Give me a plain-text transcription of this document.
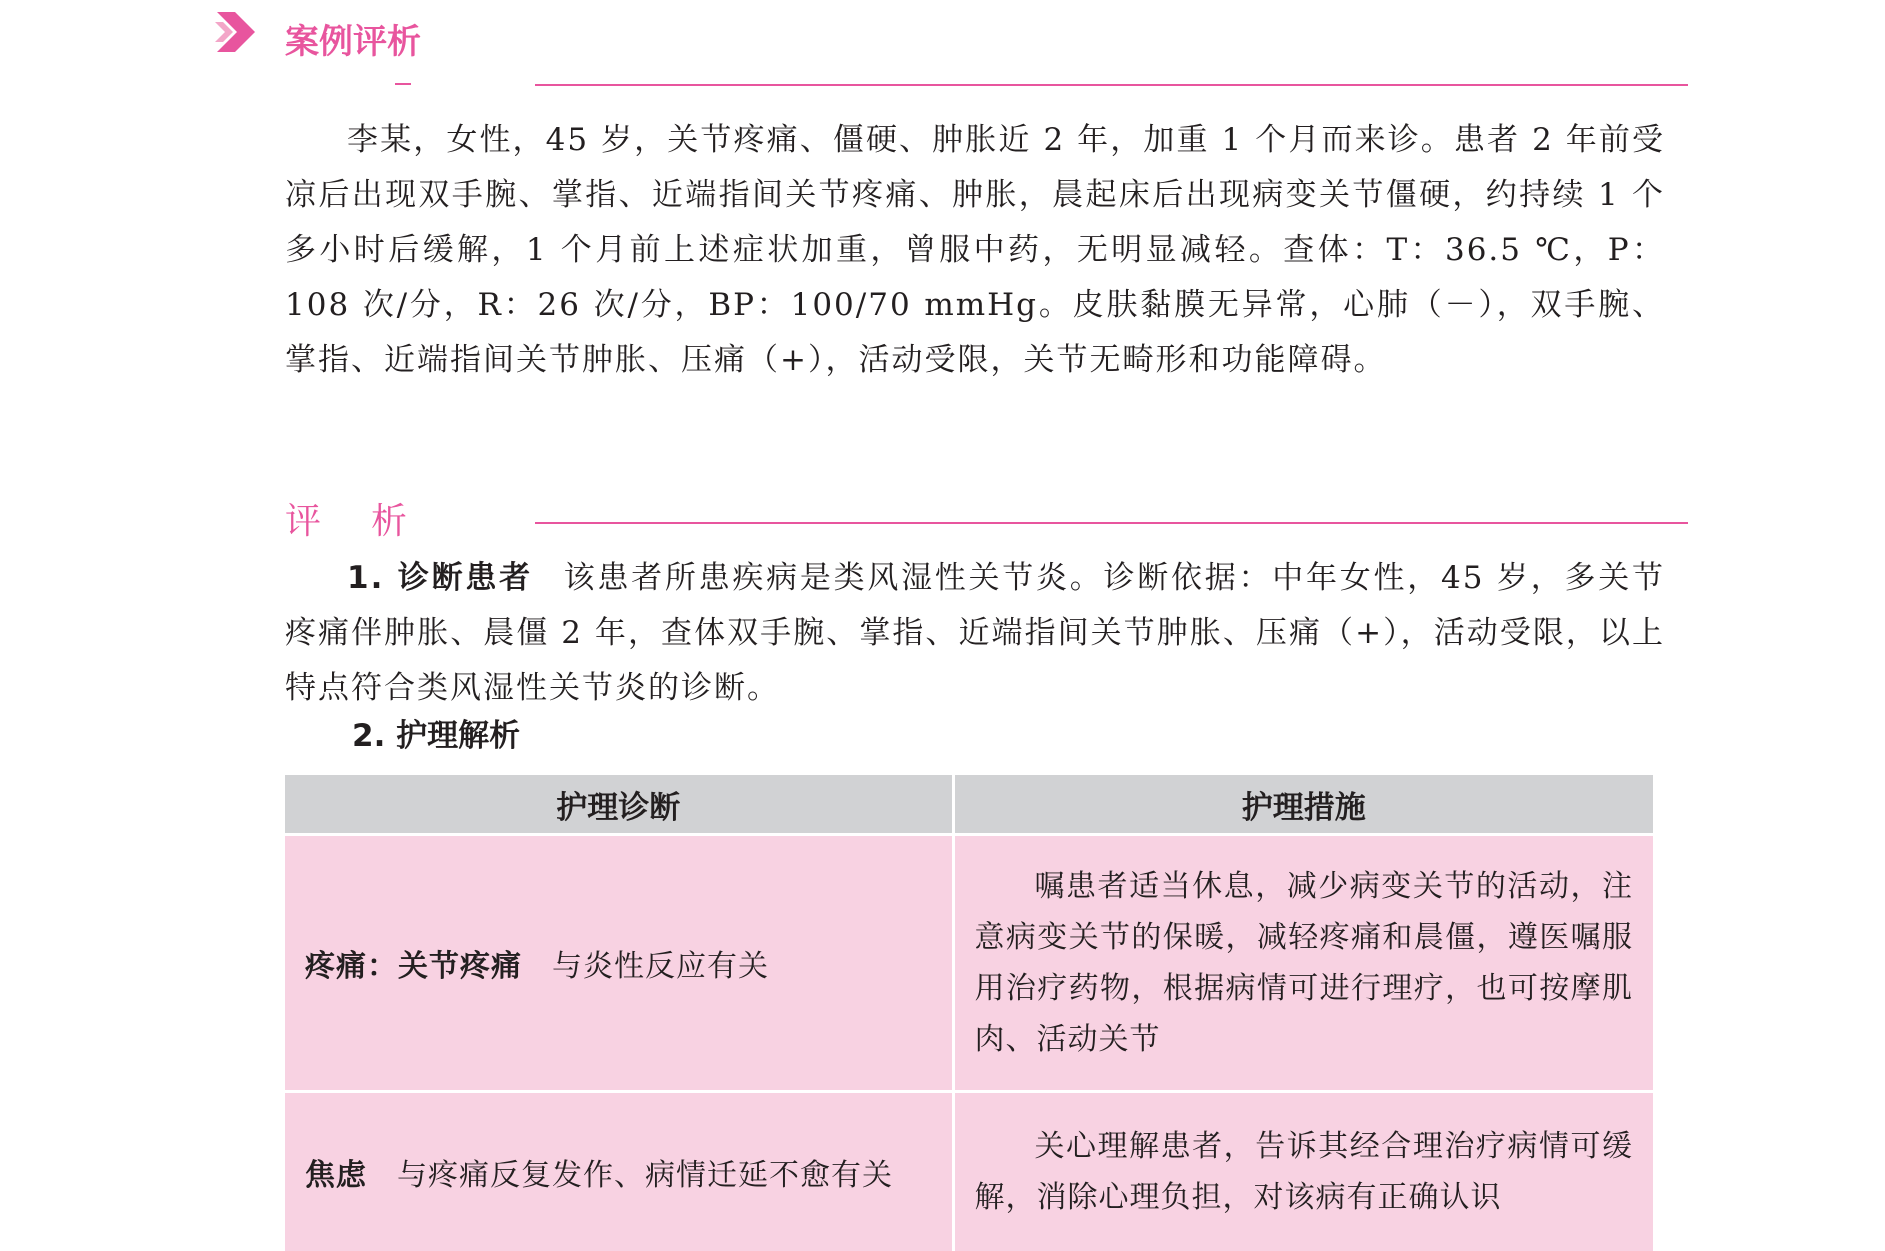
案例评析

李某，女性，45 岁，关节疼痛、僵硬、肿胀近 2 年，加重 1 个月而来诊。患者 2 年前受凉后出现双手腕、掌指、近端指间关节疼痛、肿胀，晨起床后出现病变关节僵硬，约持续 1 个多小时后缓解，1 个月前上述症状加重，曾服中药，无明显减轻。查体：T：36.5 ℃，P：108 次/分，R：26 次/分，BP：100/70 mmHg。皮肤黏膜无异常，心肺（－），双手腕、掌指、近端指间关节肿胀、压痛（+），活动受限，关节无畸形和功能障碍。

评析

1. 诊断患者 该患者所患疾病是类风湿性关节炎。诊断依据：中年女性，45 岁，多关节疼痛伴肿胀、晨僵 2 年，查体双手腕、掌指、近端指间关节肿胀、压痛（+），活动受限，以上特点符合类风湿性关节炎的诊断。

2. 护理解析
护理诊断	护理措施
疼痛：关节疼痛 与炎性反应有关	嘱患者适当休息，减少病变关节的活动，注意病变关节的保暖，减轻疼痛和晨僵，遵医嘱服用治疗药物，根据病情可进行理疗，也可按摩肌肉、活动关节
焦虑 与疼痛反复发作、病情迁延不愈有关	关心理解患者，告诉其经合理治疗病情可缓解，消除心理负担，对该病有正确认识
